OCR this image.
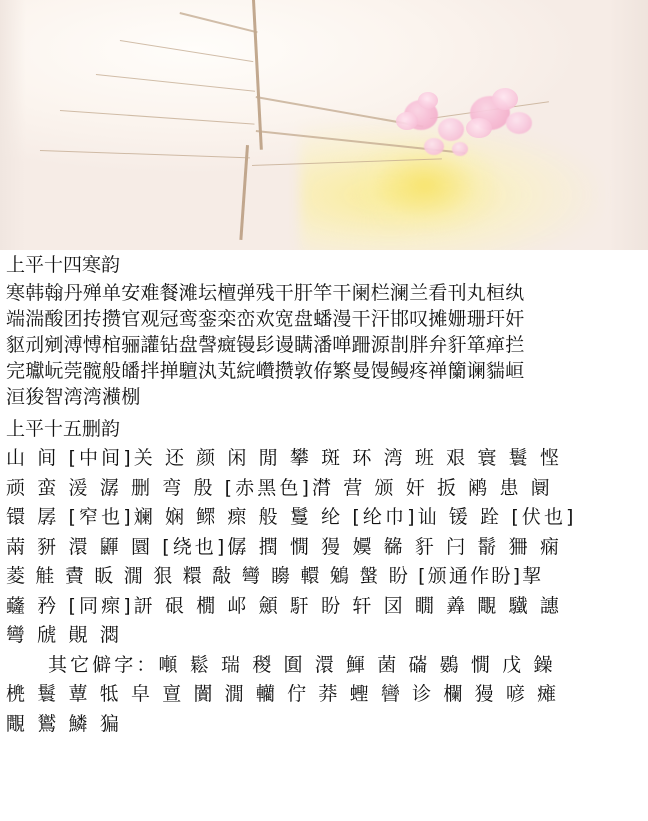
上平十四寒韵
寒韩翰丹殚单安难餐滩坛檀弹残干肝竿干阑栏澜兰看刊丸桓纨
端湍酸团抟攒官观冠鸾銮栾峦欢宽盘蟠漫干汗邯叹摊姗珊玕奸
䝙刓剜溥愽棺骊讙钻盘謦癍镘髟谩瞒潘啴跚源剒胖弁豻箪瘅拦
完瓛岏莞髋般皤拌掸驙汍芄綄巑攒敦侟繁曼馒鳗疼禅籣谰貒峘
洹狻智湾湾㶇㭭
上平十五删韵
山 间 [中间]关 还 颜 闲 閒 攀 斑 环 湾 班 艰 寰 鬟 悭
顽 蛮 湲 潺 删 弯 殷 [赤黑色]潸 营 颁 奸 扳 鹇 患 阛
镮 孱 [窄也]斓 娴 鳏 瘝 般 鬘 纶 [纶巾]讪 锾 跧 [伏也]
䓣 豜 澴 鼲 圜 [绕也]僝 撋 憪 獌 嬽 㣈 豻 闩 鬋 狦 痫
菱 觟 賮 眅 㵎 狠 糫 敽 彎 矏 轘 鵵 螌 盼 [颁通作盼]挈
虄 矜 [同瘝]訮 硍 橌 邖 顩 馯 盼 轩 㘝 瞯 羴 覸 驖 譓
彎 䖐 䚋 㵍
其它僻字：噸 鬆 瑞 稯 圎 澴 鯶 菌 磮 鷃 憪 戊 鐰
橷 鬟 蕈 牴 皁 亶 闠 㵎 轥 佇 莽 蟶 曫 诊 欄 獌 喭 瘫
覸 鸑 鱗 猵
